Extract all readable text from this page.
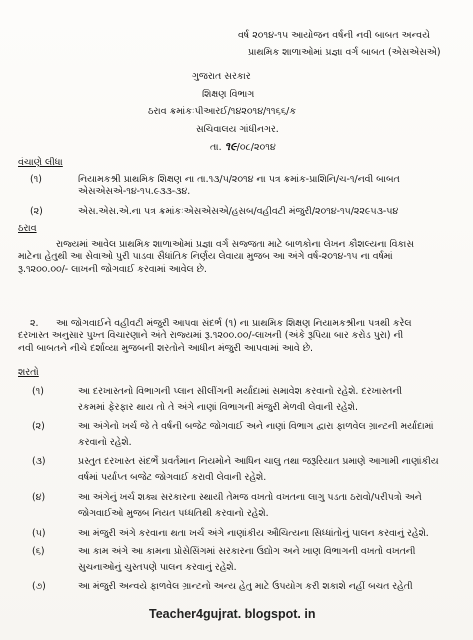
વર્ષ ૨૦૧૪-૧૫ આયોજન વર્ષની નવી બાબત અન્વયે
પ્રાથમિક શાળાઓમાં પ્રજ્ઞા વર્ગ બાબત (એસએસએ)
ગુજરાત સરકાર
શિક્ષણ વિભાગ
ઠરાવ ક્રમાંકઃપીઆરઈ/૧૪૨૦૧૪/૧૧૬૬/ક
સચિવાલય ગાંધીનગર.
તા. ૧૯/૦૮/૨૦૧૪
વંચાણે લીધા
(૧)	નિયામકશ્રી પ્રાથમિક શિક્ષણ ના તા.૧૩/૫/૨૦૧૪ ના પત્ર ક્રમાંક-પ્રાશિનિ/ચ-૧/નવી બાબત
એસએસએ-૧૪-૧૫.૯૩૩-૩૪.
(૨)	એસ.એસ.એ.ના પત્ર ક્રમાંકઃએસએસએ/હસબ/વહીવટી મંજુરી/૨૦૧૪-૧૫/૨૨૯૫૩-૫૪
ઠરાવ
રાજ્યમાં આવેલ પ્રાથમિક શાળાઓમાં પ્રજ્ઞા વર્ગ સજ્જતા માટે બાળકોના લેખન કૌશલ્યના વિકાસ
માટેના હેતુથી આ સેવાઓ પુરી પાડવા સૈધાંતિક નિર્ણય લેવાયા મુજબ આ અંગે વર્ષ-૨૦૧૪-૧૫ ના વર્ષમાં
રૂ.૧૨૦૦.૦૦/- લાખની જોગવાઈ કરવામાં આવેલ છે.
૨.	આ જોગવાઈને વહીવટી મંજુરી આપવા સંદર્ભ (૧) ના પ્રાથમિક શિક્ષણ નિયામકશ્રીના પત્રથી કરેલ
દરખાસ્ત અનુસાર પુખ્ત વિચારણાને અંતે રાજ્યમાં રૂ.૧૨૦૦.૦૦/-લાખની (અંકે રૂપિયા બાર કરોડ પુરા) ની
નવી બાબતને નીચે દર્શાવ્યા મુજબની શરતોને આધીન મંજુરી આપવામાં આવે છે.
શરતો
(૧)	આ દરખાસ્તનો વિભાગની પ્લાન સીલીંગની મર્યાદામાં સમાવેશ કરવાનો રહેશે. દરખાસ્તની
રકમમાં ફેરફાર થાય તો તે અંગે નાણાં વિભાગની મંજુરી મેળવી લેવાની રહેશે.
(૨)	આ અંગેનો ખર્ચ જે તે વર્ષની બજેટ જોગવાઈ અને નાણાં વિભાગ દ્વારા ફાળવેલ ગ્રાન્ટની મર્યાદામાં
કરવાનો રહેશે.
(૩)	પ્રસ્તુત દરખાસ્ત સંદર્ભે પ્રવર્તમાન નિયમોને આધિન ચાલુ તથા જરૂરિયાત પ્રમાણે આગામી નાણાંકીય
વર્ષમાં પર્યાપ્ત બજેટ જોગવાઈ કરાવી લેવાની રહેશે.
(૪)	આ અંગેનું ખર્ચ શક્ય સરકારના સ્થાયી તેમજ વખતો વખતના લાગુ પડતા ઠરાવો/પરીપત્રો અને
જોગવાઈઓ મુજબ નિયત પધ્ધતિથી કરવાનો રહેશે.
(૫)	આ મંજુરી અંગે કરવાના થતા ખર્ચ અંગે નાણાંકીય ઔચિત્યના સિધ્ધાંતોનું પાલન કરવાનું રહેશે.
(૬)	આ કામ અંગે આ કામના પ્રોસેસિંગમાં સરકારના ઉદ્યોગ અને ખાણ વિભાગની વખતો વખતની
સુચનાઓનું ચુસ્તપણે પાલન કરવાનું રહેશે.
(૭)	આ મંજુરી અન્વયે ફાળવેલ ગ્રાન્ટનો અન્ય હેતુ માટે ઉપયોગ કરી શકાશે નહીં બચત રહેતી
Teacher4gujrat. blogspot. in
